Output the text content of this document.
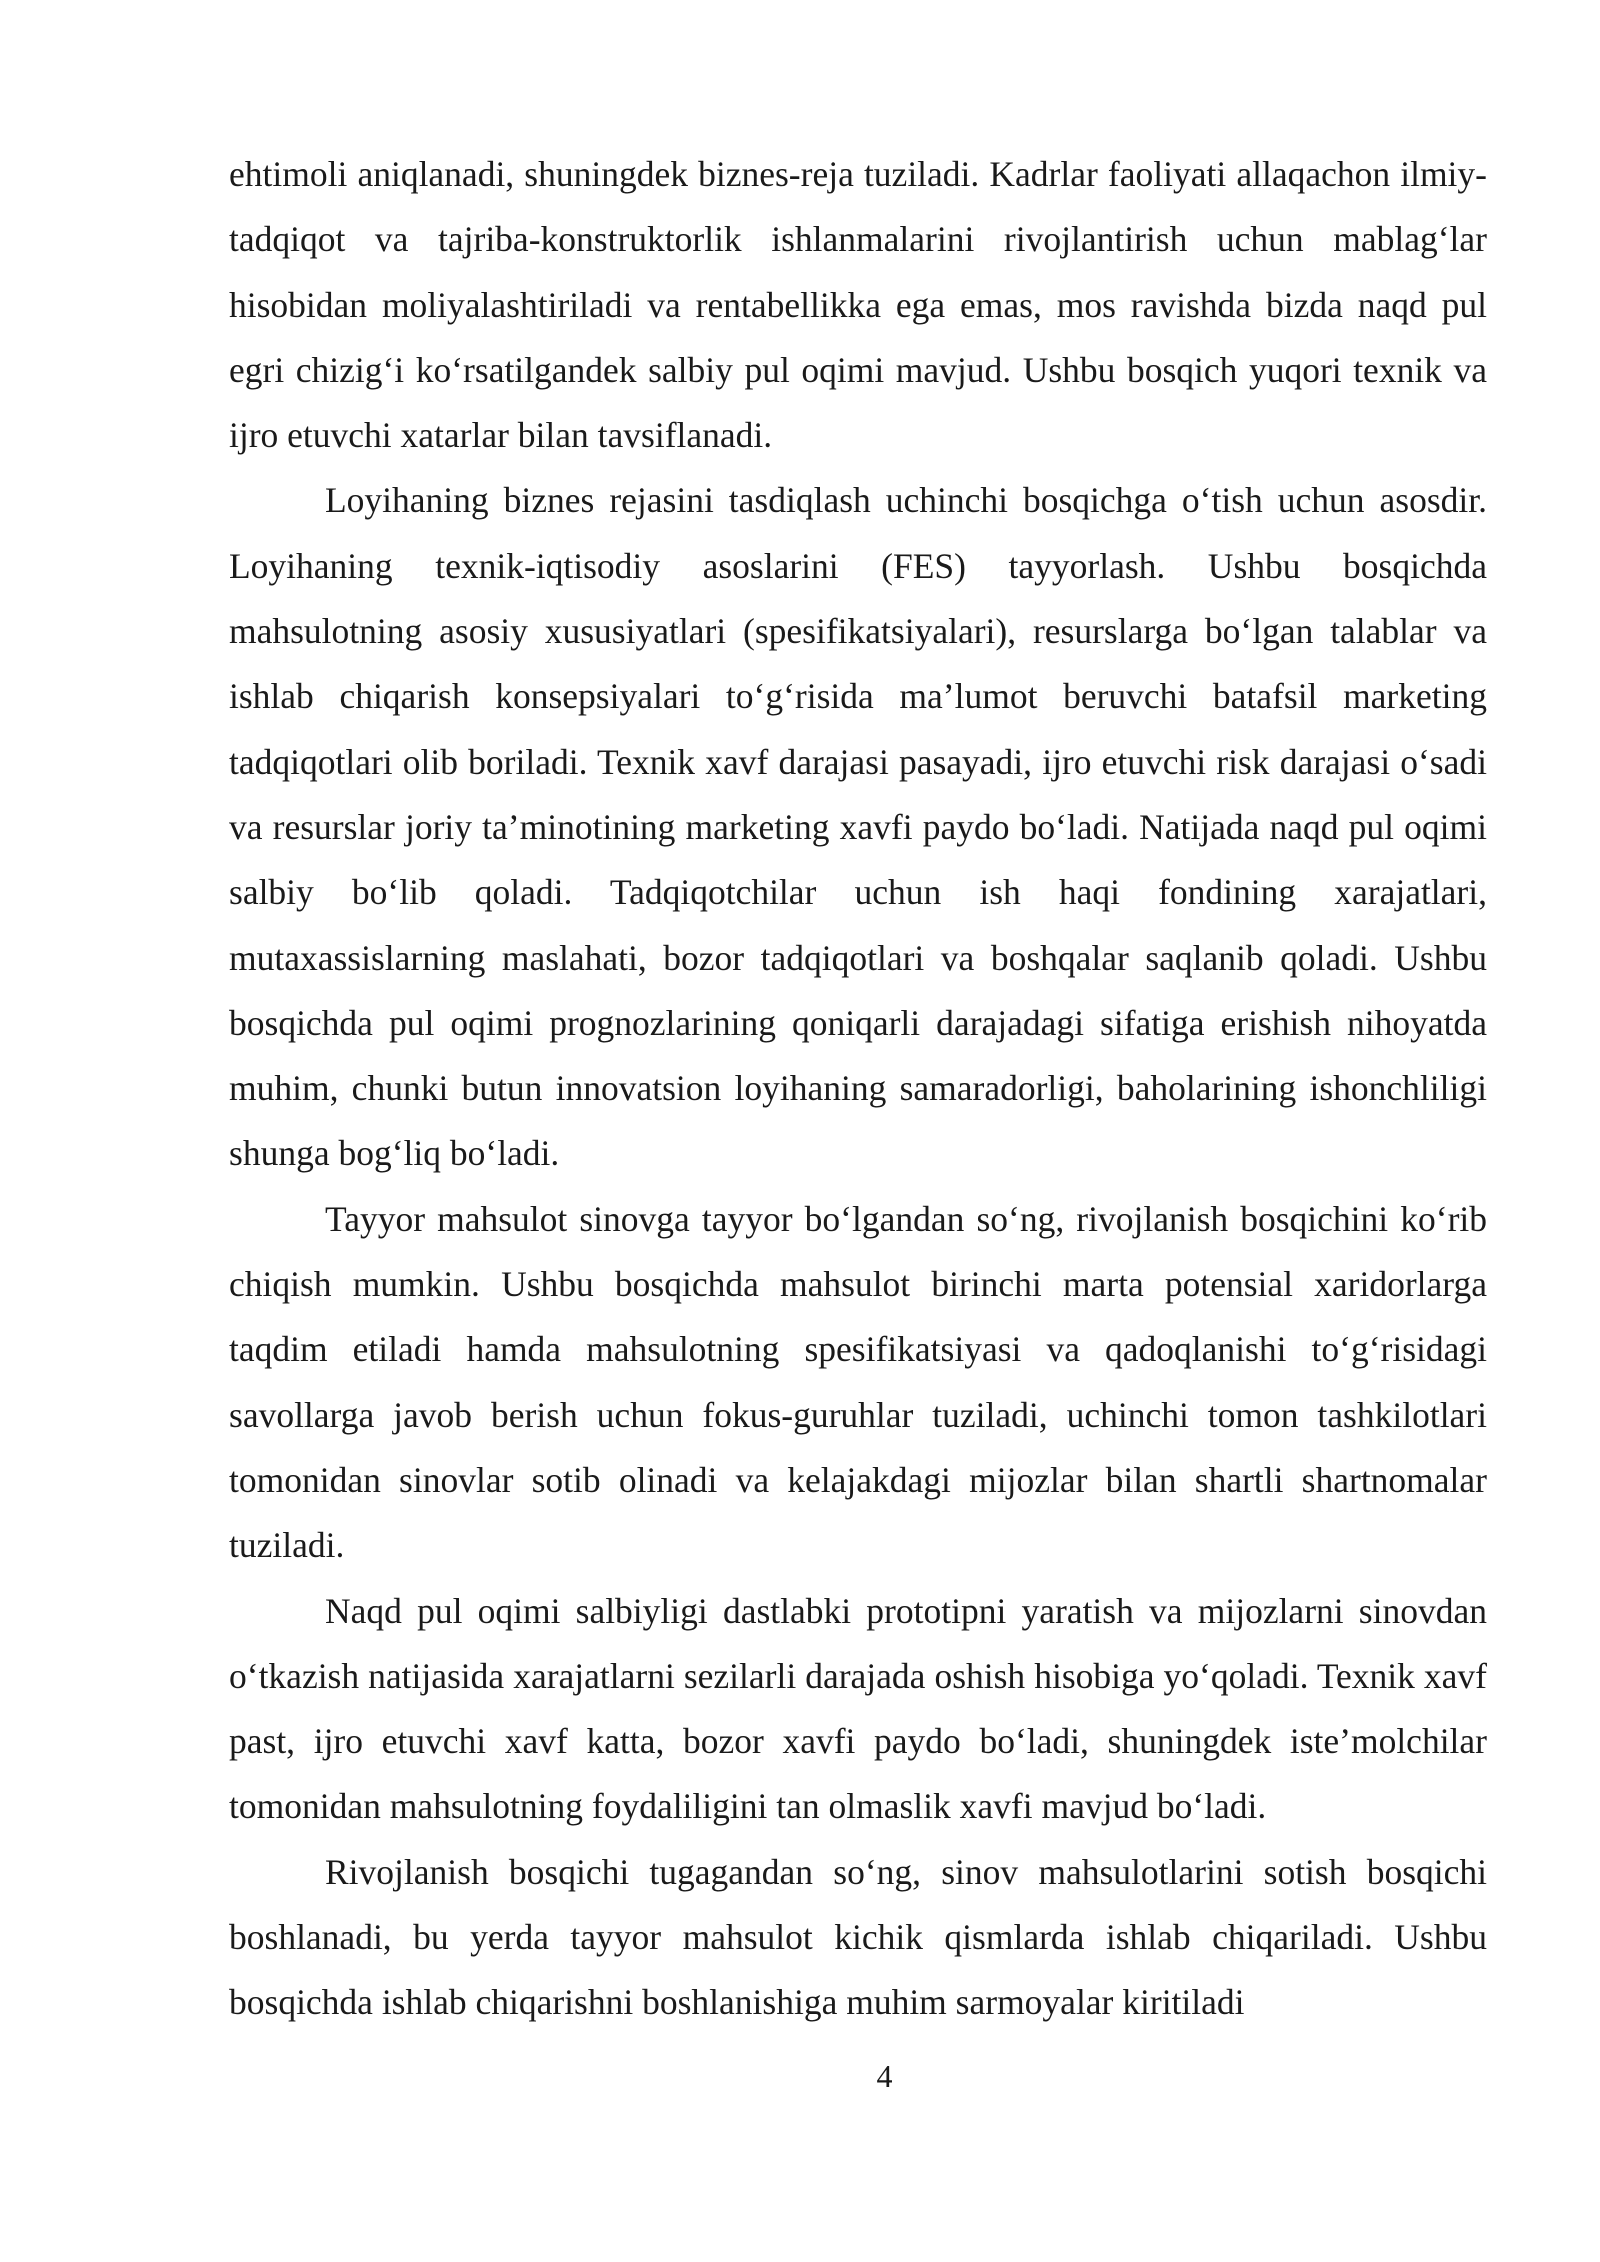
ehtimoli aniqlanadi, shuningdek biznes-reja tuziladi. Kadrlar faoliyati allaqachon ilmiy- tadqiqot va tajriba-konstruktorlik ishlanmalarini rivojlantirish uchun mablag‘lar hisobidan moliyalashtiriladi va rentabellikka ega emas, mos ravishda bizda naqd pul egri chizig‘i ko‘rsatilgandek salbiy pul oqimi mavjud. Ushbu bosqich yuqori texnik va ijro etuvchi xatarlar bilan tavsiflanadi.

Loyihaning biznes rejasini tasdiqlash uchinchi bosqichga o‘tish uchun asosdir. Loyihaning texnik-iqtisodiy asoslarini (FES) tayyorlash. Ushbu bosqichda mahsulotning asosiy xususiyatlari (spesifikatsiyalari), resurslarga bo‘lgan talablar va ishlab chiqarish konsepsiyalari to‘g‘risida ma’lumot beruvchi batafsil marketing tadqiqotlari olib boriladi. Texnik xavf darajasi pasayadi, ijro etuvchi risk darajasi o‘sadi va resurslar joriy ta’minotining marketing xavfi paydo bo‘ladi. Natijada naqd pul oqimi salbiy bo‘lib qoladi. Tadqiqotchilar uchun ish haqi fondining xarajatlari, mutaxassislarning maslahati, bozor tadqiqotlari va boshqalar saqlanib qoladi. Ushbu bosqichda pul oqimi prognozlarining qoniqarli darajadagi sifatiga erishish nihoyatda muhim, chunki butun innovatsion loyihaning samaradorligi, baholarining ishonchliligi shunga bog‘liq bo‘ladi.

Tayyor mahsulot sinovga tayyor bo‘lgandan so‘ng, rivojlanish bosqichini ko‘rib chiqish mumkin. Ushbu bosqichda mahsulot birinchi marta potensial xaridorlarga taqdim etiladi hamda mahsulotning spesifikatsiyasi va qadoqlanishi to‘g‘risidagi savollarga javob berish uchun fokus-guruhlar tuziladi, uchinchi tomon tashkilotlari tomonidan sinovlar sotib olinadi va kelajakdagi mijozlar bilan shartli shartnomalar tuziladi.

Naqd pul oqimi salbiyligi dastlabki prototipni yaratish va mijozlarni sinovdan o‘tkazish natijasida xarajatlarni sezilarli darajada oshish hisobiga yo‘qoladi. Texnik xavf past, ijro etuvchi xavf katta, bozor xavfi paydo bo‘ladi, shuningdek iste’molchilar tomonidan mahsulotning foydaliligini tan olmaslik xavfi mavjud bo‘ladi.

Rivojlanish bosqichi tugagandan so‘ng, sinov mahsulotlarini sotish bosqichi boshlanadi, bu yerda tayyor mahsulot kichik qismlarda ishlab chiqariladi. Ushbu bosqichda ishlab chiqarishni boshlanishiga muhim sarmoyalar kiritiladi

4
